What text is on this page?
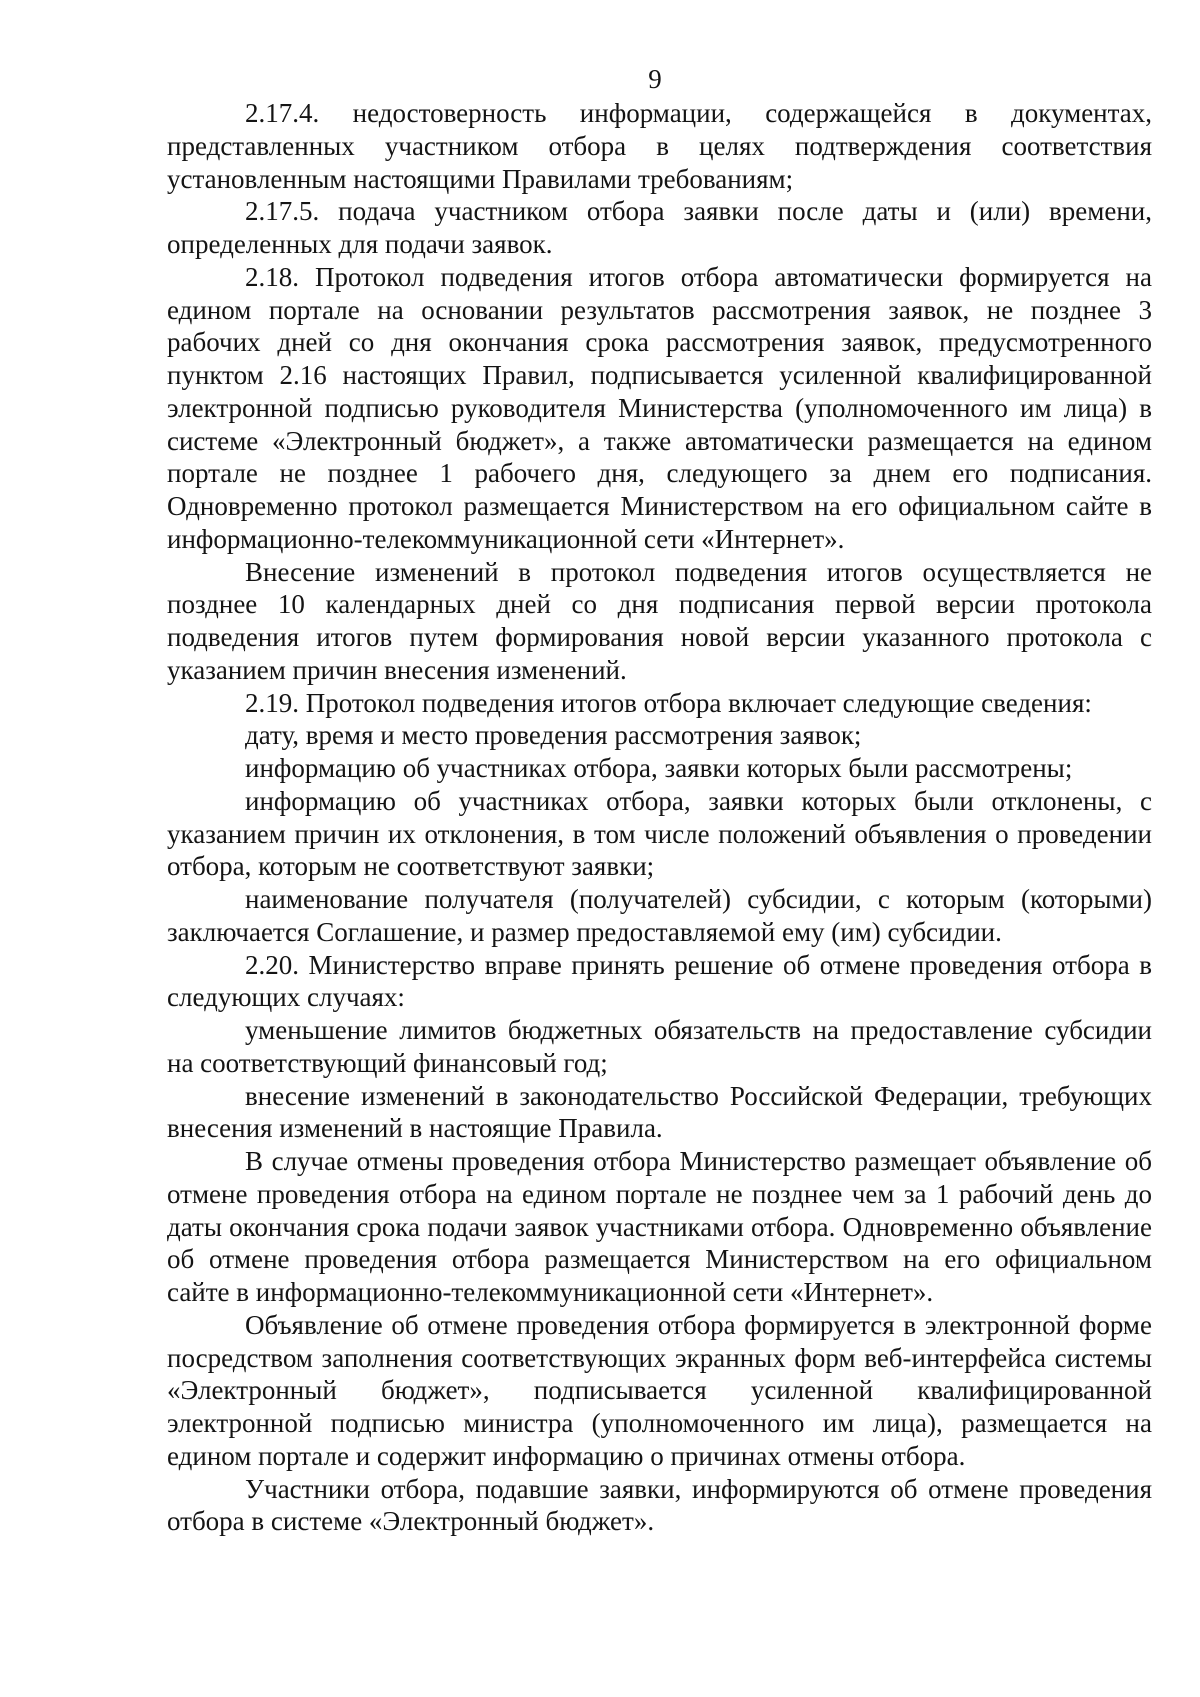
9

2.17.4. недостоверность информации, содержащейся в документах, представленных участником отбора в целях подтверждения соответствия установленным настоящими Правилами требованиям;

2.17.5. подача участником отбора заявки после даты и (или) времени, определенных для подачи заявок.

2.18. Протокол подведения итогов отбора автоматически формируется на едином портале на основании результатов рассмотрения заявок, не позднее 3 рабочих дней со дня окончания срока рассмотрения заявок, предусмотренного пунктом 2.16 настоящих Правил, подписывается усиленной квалифицированной электронной подписью руководителя Министерства (уполномоченного им лица) в системе «Электронный бюджет», а также автоматически размещается на едином портале не позднее 1 рабочего дня, следующего за днем его подписания. Одновременно протокол размещается Министерством на его официальном сайте в информационно-телекоммуникационной сети «Интернет».

Внесение изменений в протокол подведения итогов осуществляется не позднее 10 календарных дней со дня подписания первой версии протокола подведения итогов путем формирования новой версии указанного протокола с указанием причин внесения изменений.

2.19. Протокол подведения итогов отбора включает следующие сведения:

дату, время и место проведения рассмотрения заявок;

информацию об участниках отбора, заявки которых были рассмотрены;

информацию об участниках отбора, заявки которых были отклонены, с указанием причин их отклонения, в том числе положений объявления о проведении отбора, которым не соответствуют заявки;

наименование получателя (получателей) субсидии, с которым (которыми) заключается Соглашение, и размер предоставляемой ему (им) субсидии.

2.20. Министерство вправе принять решение об отмене проведения отбора в следующих случаях:

уменьшение лимитов бюджетных обязательств на предоставление субсидии на соответствующий финансовый год;

внесение изменений в законодательство Российской Федерации, требующих внесения изменений в настоящие Правила.

В случае отмены проведения отбора Министерство размещает объявление об отмене проведения отбора на едином портале не позднее чем за 1 рабочий день до даты окончания срока подачи заявок участниками отбора. Одновременно объявление об отмене проведения отбора размещается Министерством на его официальном сайте в информационно-телекоммуникационной сети «Интернет».

Объявление об отмене проведения отбора формируется в электронной форме посредством заполнения соответствующих экранных форм веб-интерфейса системы «Электронный бюджет», подписывается усиленной квалифицированной электронной подписью министра (уполномоченного им лица), размещается на едином портале и содержит информацию о причинах отмены отбора.

Участники отбора, подавшие заявки, информируются об отмене проведения отбора в системе «Электронный бюджет».
